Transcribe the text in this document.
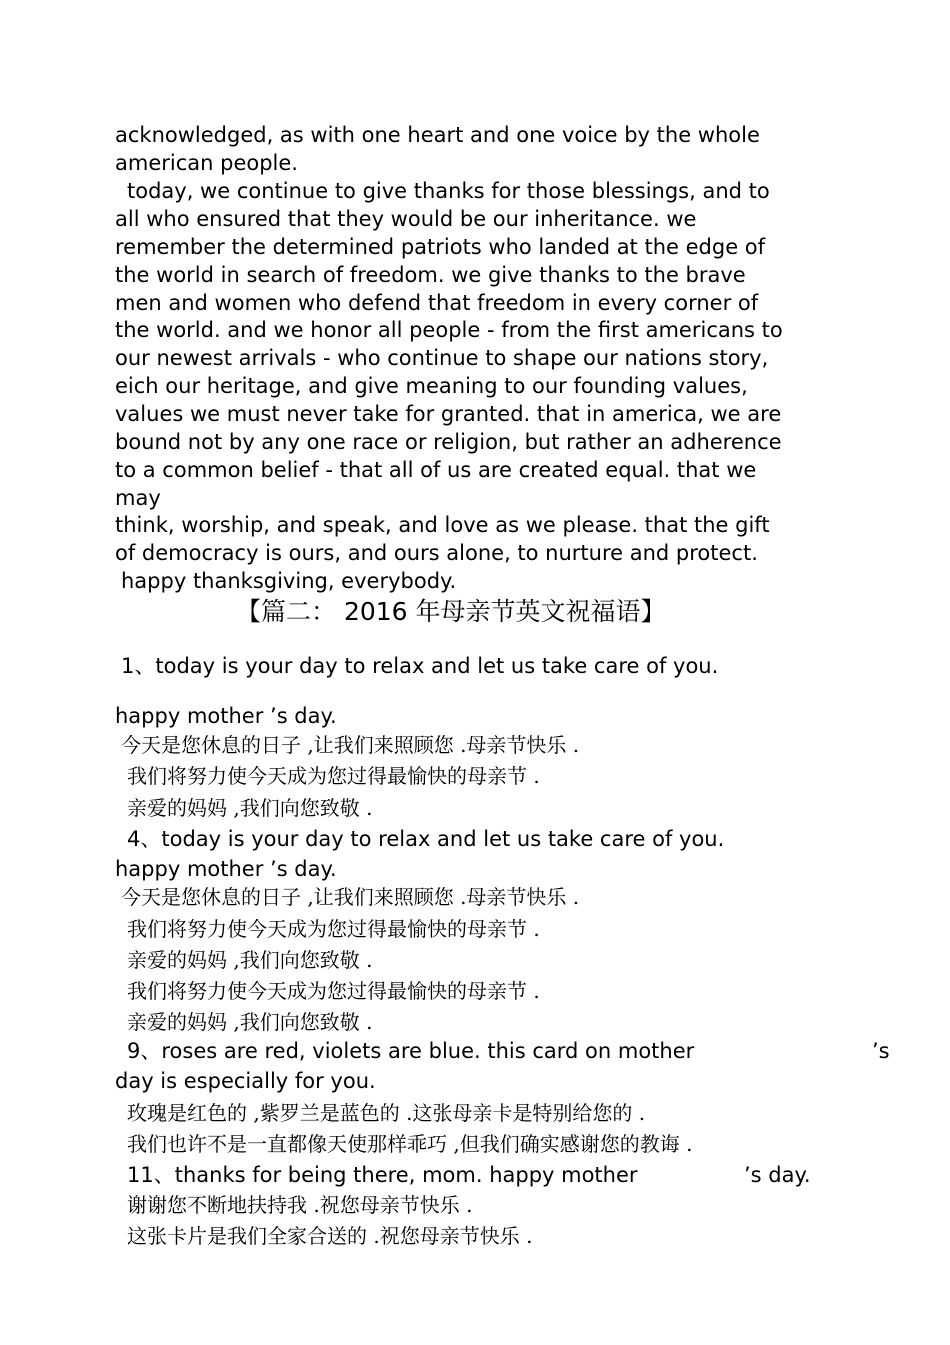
acknowledged, as with one heart and one voice by the whole
american people.
today, we continue to give thanks for those blessings, and to
all who ensured that they would be our inheritance. we
remember the determined patriots who landed at the edge of
the world in search of freedom. we give thanks to the brave
men and women who defend that freedom in every corner of
the world. and we honor all people - from the first americans to
our newest arrivals - who continue to shape our nations story,
eich our heritage, and give meaning to our founding values,
values we must never take for granted. that in america, we are
bound not by any one race or religion, but rather an adherence
to a common belief - that all of us are created equal. that we
may
think, worship, and speak, and love as we please. that the gift
of democracy is ours, and ours alone, to nurture and protect.
happy thanksgiving, everybody.
【篇二： 2016 年母亲节英文祝福语】
1、today is your day to relax and let us take care of you.
happy mother ’s day.
今天是您休息的日子 ,让我们来照顾您 .母亲节快乐 .
我们将努力使今天成为您过得最愉快的母亲节 .
亲爱的妈妈 ,我们向您致敬 .
4、today is your day to relax and let us take care of you.
happy mother ’s day.
今天是您休息的日子 ,让我们来照顾您 .母亲节快乐 .
我们将努力使今天成为您过得最愉快的母亲节 .
亲爱的妈妈 ,我们向您致敬 .
我们将努力使今天成为您过得最愉快的母亲节 .
亲爱的妈妈 ,我们向您致敬 .
9、roses are red, violets are blue. this card on mother	’s
day is especially for you.
玫瑰是红色的 ,紫罗兰是蓝色的 .这张母亲卡是特别给您的 .
我们也许不是一直都像天使那样乖巧 ,但我们确实感谢您的教诲 .
11、thanks for being there, mom. happy mother	’s day.
谢谢您不断地扶持我 .祝您母亲节快乐 .
这张卡片是我们全家合送的 .祝您母亲节快乐 .
